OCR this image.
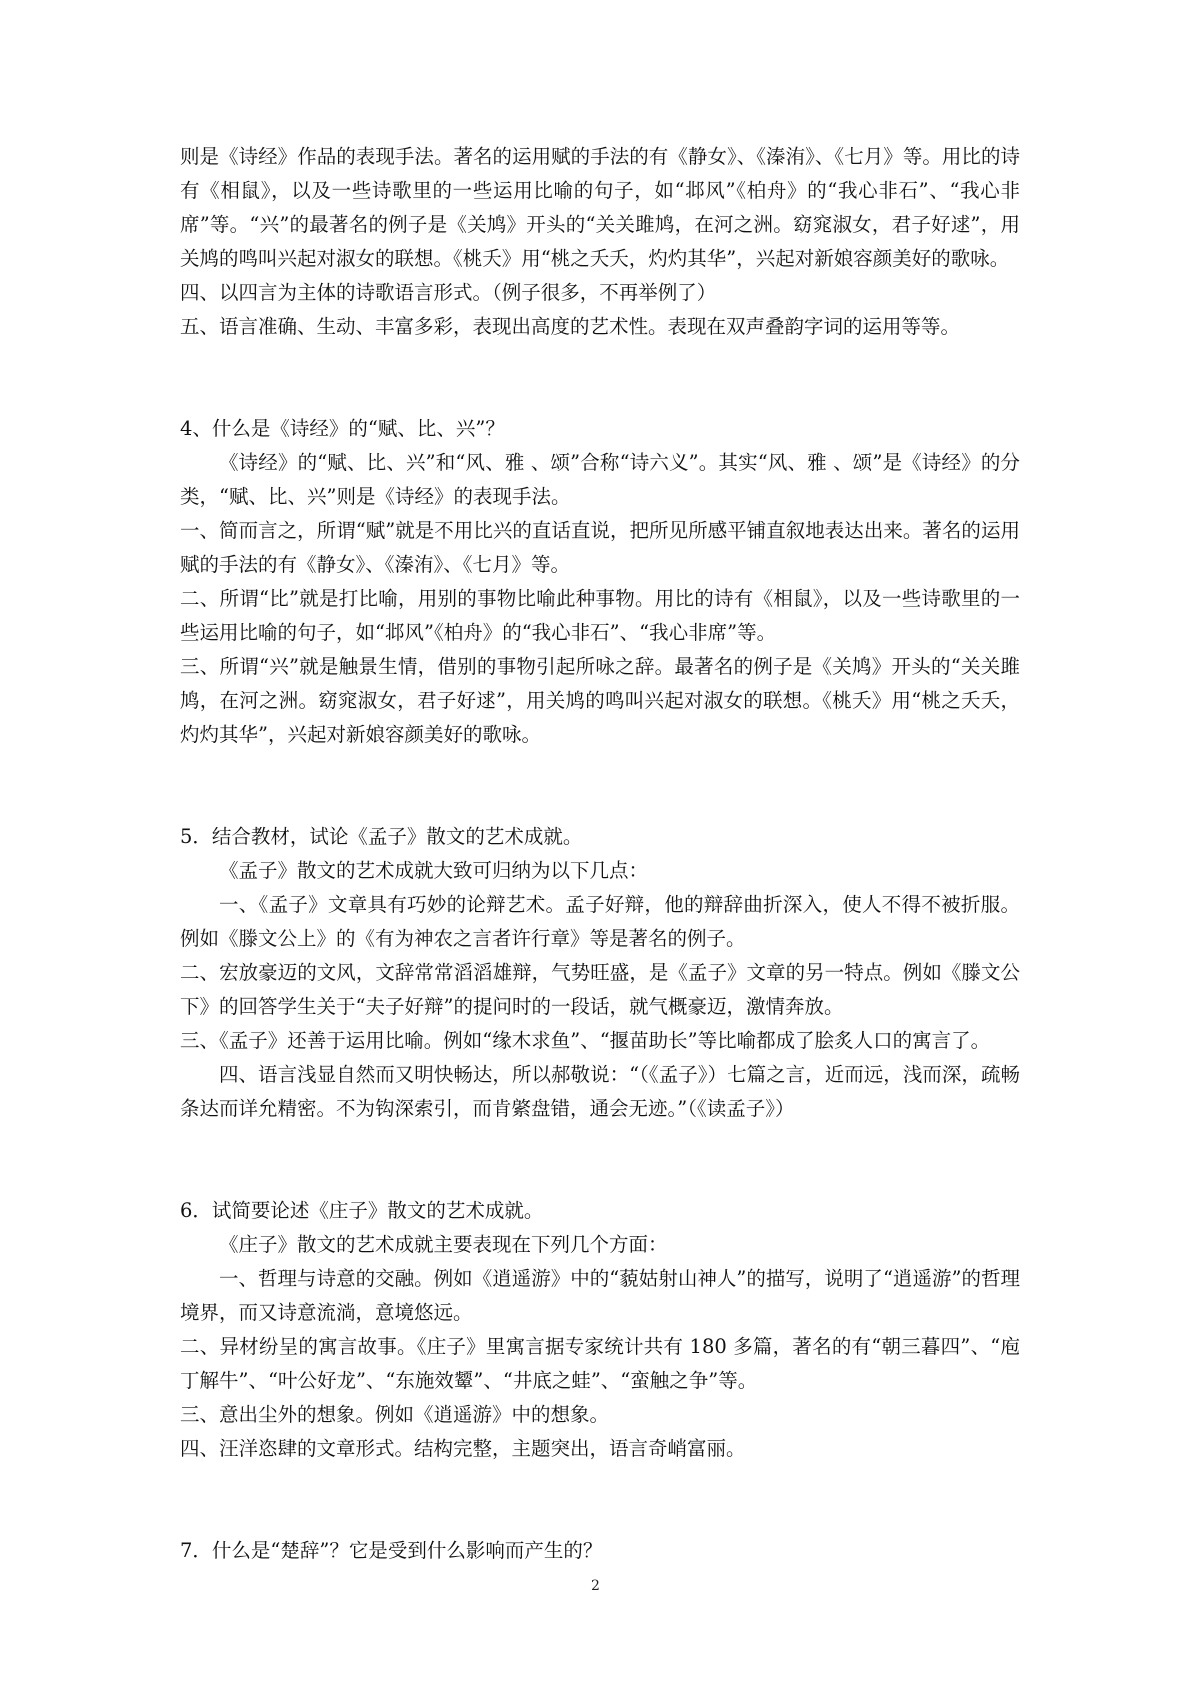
则是《诗经》作品的表现手法。著名的运用赋的手法的有《静女》、《溱洧》、《七月》等。用比的诗有《相鼠》，以及一些诗歌里的一些运用比喻的句子，如“邶风”《柏舟》的“我心非石”、“我心非席”等。“兴”的最著名的例子是《关鸠》开头的“关关雎鸠，在河之洲。窈窕淑女，君子好逑”，用关鸠的鸣叫兴起对淑女的联想。《桃夭》用“桃之夭夭，灼灼其华”，兴起对新娘容颜美好的歌咏。

四、以四言为主体的诗歌语言形式。（例子很多，不再举例了）

五、语言准确、生动、丰富多彩，表现出高度的艺术性。表现在双声叠韵字词的运用等等。

4、什么是《诗经》的“赋、比、兴”？

《诗经》的“赋、比、兴”和“风、雅 、颂”合称“诗六义”。其实“风、雅 、颂”是《诗经》的分类，“赋、比、兴”则是《诗经》的表现手法。

一、简而言之，所谓“赋”就是不用比兴的直话直说，把所见所感平铺直叙地表达出来。著名的运用赋的手法的有《静女》、《溱洧》、《七月》等。

二、所谓“比”就是打比喻，用别的事物比喻此种事物。用比的诗有《相鼠》，以及一些诗歌里的一些运用比喻的句子，如“邶风”《柏舟》的“我心非石”、“我心非席”等。

三、所谓“兴”就是触景生情，借别的事物引起所咏之辞。最著名的例子是《关鸠》开头的“关关雎鸠，在河之洲。窈窕淑女，君子好逑”，用关鸠的鸣叫兴起对淑女的联想。《桃夭》用“桃之夭夭，灼灼其华”，兴起对新娘容颜美好的歌咏。

5．结合教材，试论《孟子》散文的艺术成就。

《孟子》散文的艺术成就大致可归纳为以下几点：

一、《孟子》文章具有巧妙的论辩艺术。孟子好辩，他的辩辞曲折深入，使人不得不被折服。例如《滕文公上》的《有为神农之言者许行章》等是著名的例子。

二、宏放豪迈的文风，文辞常常滔滔雄辩，气势旺盛，是《孟子》文章的另一特点。例如《滕文公下》的回答学生关于“夫子好辩”的提问时的一段话，就气概豪迈，激情奔放。

三、《孟子》还善于运用比喻。例如“缘木求鱼”、“揠苗助长”等比喻都成了脍炙人口的寓言了。

四、语言浅显自然而又明快畅达，所以郝敬说：“（《孟子》）七篇之言，近而远，浅而深，疏畅条达而详允精密。不为钩深索引，而肯綮盘错，通会无迹。”（《读孟子》）

6．试简要论述《庄子》散文的艺术成就。

《庄子》散文的艺术成就主要表现在下列几个方面：

一、哲理与诗意的交融。例如《逍遥游》中的“藐姑射山神人”的描写，说明了“逍遥游”的哲理境界，而又诗意流淌，意境悠远。

二、异材纷呈的寓言故事。《庄子》里寓言据专家统计共有 180 多篇，著名的有“朝三暮四”、“庖丁解牛”、“叶公好龙”、“东施效颦”、“井底之蛙”、“蛮触之争”等。

三、意出尘外的想象。例如《逍遥游》中的想象。

四、汪洋恣肆的文章形式。结构完整，主题突出，语言奇峭富丽。

7．什么是“楚辞”？它是受到什么影响而产生的？

2
